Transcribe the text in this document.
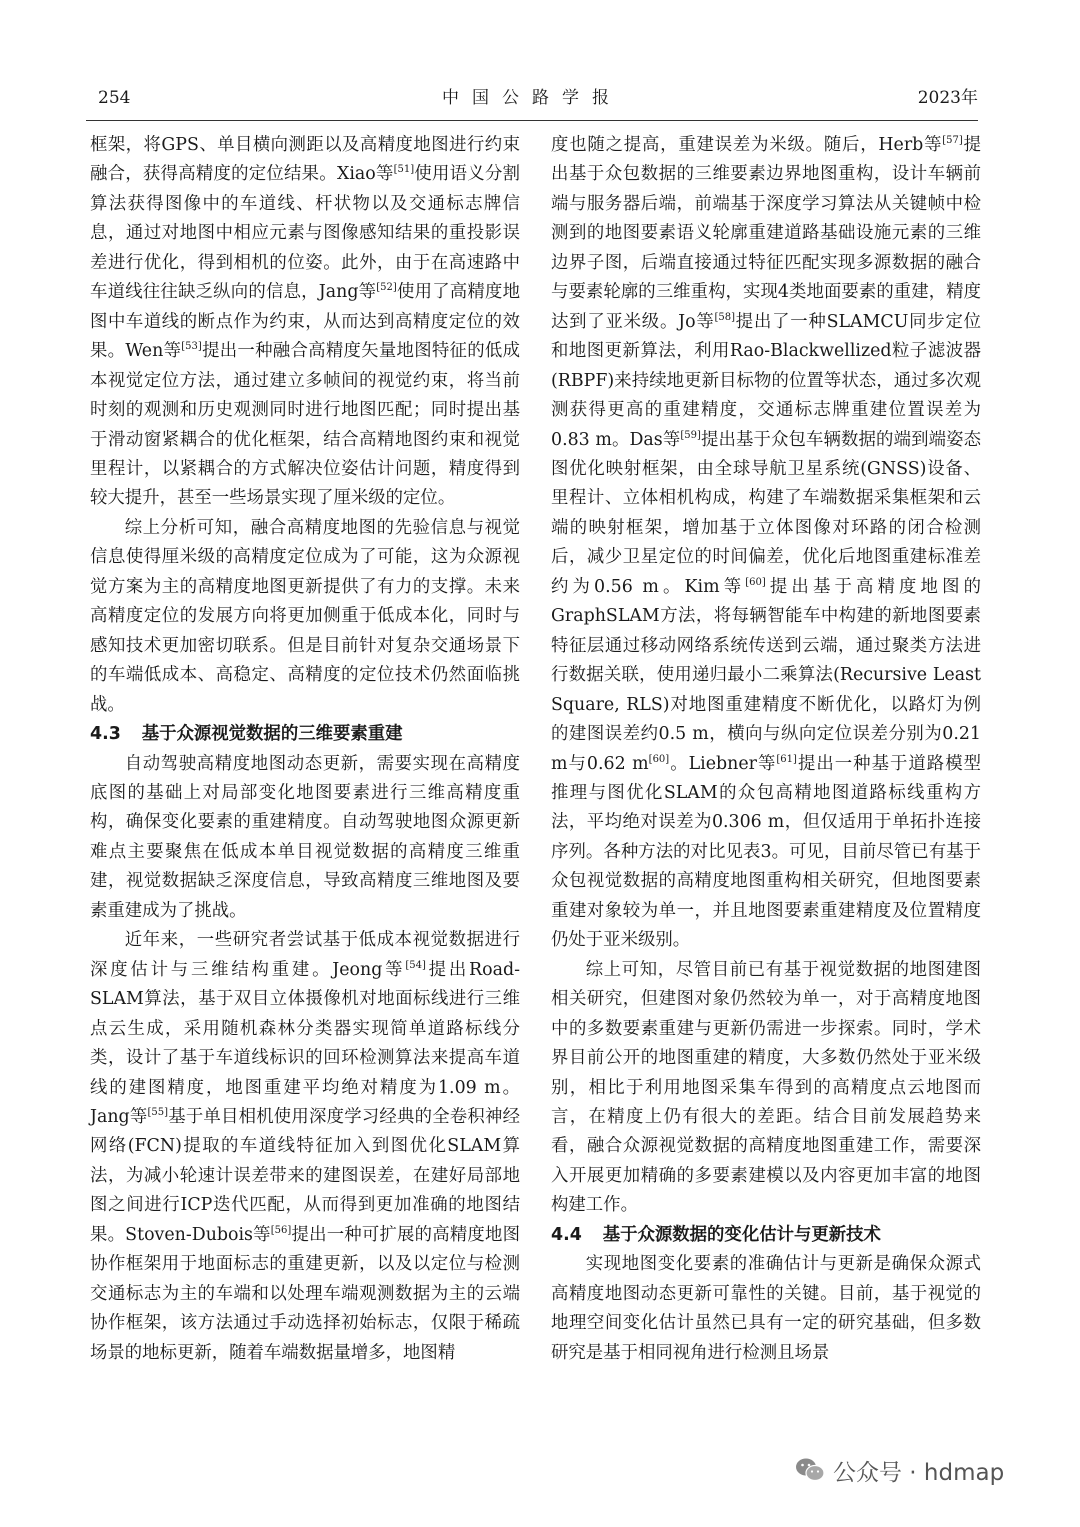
254	中国公路学报	2023年

框架，将GPS、单目横向测距以及高精度地图进行约束融合，获得高精度的定位结果。Xiao等[51]使用语义分割算法获得图像中的车道线、杆状物以及交通标志牌信息，通过对地图中相应元素与图像感知结果的重投影误差进行优化，得到相机的位姿。此外，由于在高速路中车道线往往缺乏纵向的信息，Jang等[52]使用了高精度地图中车道线的断点作为约束，从而达到高精度定位的效果。Wen等[53]提出一种融合高精度矢量地图特征的低成本视觉定位方法，通过建立多帧间的视觉约束，将当前时刻的观测和历史观测同时进行地图匹配；同时提出基于滑动窗紧耦合的优化框架，结合高精地图约束和视觉里程计，以紧耦合的方式解决位姿估计问题，精度得到较大提升，甚至一些场景实现了厘米级的定位。

综上分析可知，融合高精度地图的先验信息与视觉信息使得厘米级的高精度定位成为了可能，这为众源视觉方案为主的高精度地图更新提供了有力的支撑。未来高精度定位的发展方向将更加侧重于低成本化，同时与感知技术更加密切联系。但是目前针对复杂交通场景下的车端低成本、高稳定、高精度的定位技术仍然面临挑战。

4.3 基于众源视觉数据的三维要素重建

自动驾驶高精度地图动态更新，需要实现在高精度底图的基础上对局部变化地图要素进行三维高精度重构，确保变化要素的重建精度。自动驾驶地图众源更新难点主要聚焦在低成本单目视觉数据的高精度三维重建，视觉数据缺乏深度信息，导致高精度三维地图及要素重建成为了挑战。

近年来，一些研究者尝试基于低成本视觉数据进行深度估计与三维结构重建。Jeong等[54]提出Road-SLAM算法，基于双目立体摄像机对地面标线进行三维点云生成，采用随机森林分类器实现简单道路标线分类，设计了基于车道线标识的回环检测算法来提高车道线的建图精度，地图重建平均绝对精度为1.09 m。Jang等[55]基于单目相机使用深度学习经典的全卷积神经网络(FCN)提取的车道线特征加入到图优化SLAM算法，为减小轮速计误差带来的建图误差，在建好局部地图之间进行ICP迭代匹配，从而得到更加准确的地图结果。Stoven-Dubois等[56]提出一种可扩展的高精度地图协作框架用于地面标志的重建更新，以及以定位与检测交通标志为主的车端和以处理车端观测数据为主的云端协作框架，该方法通过手动选择初始标志，仅限于稀疏场景的地标更新，随着车端数据量增多，地图精

度也随之提高，重建误差为米级。随后，Herb等[57]提出基于众包数据的三维要素边界地图重构，设计车辆前端与服务器后端，前端基于深度学习算法从关键帧中检测到的地图要素语义轮廓重建道路基础设施元素的三维边界子图，后端直接通过特征匹配实现多源数据的融合与要素轮廓的三维重构，实现4类地面要素的重建，精度达到了亚米级。Jo等[58]提出了一种SLAMCU同步定位和地图更新算法，利用Rao-Blackwellized粒子滤波器(RBPF)来持续地更新目标物的位置等状态，通过多次观测获得更高的重建精度，交通标志牌重建位置误差为0.83 m。Das等[59]提出基于众包车辆数据的端到端姿态图优化映射框架，由全球导航卫星系统(GNSS)设备、里程计、立体相机构成，构建了车端数据采集框架和云端的映射框架，增加基于立体图像对环路的闭合检测后，减少卫星定位的时间偏差，优化后地图重建标准差约为0.56 m。Kim等[60]提出基于高精度地图的GraphSLAM方法，将每辆智能车中构建的新地图要素特征层通过移动网络系统传送到云端，通过聚类方法进行数据关联，使用递归最小二乘算法(Recursive Least Square, RLS)对地图重建精度不断优化，以路灯为例的建图误差约0.5 m，横向与纵向定位误差分别为0.21 m与0.62 m[60]。Liebner等[61]提出一种基于道路模型推理与图优化SLAM的众包高精地图道路标线重构方法，平均绝对误差为0.306 m，但仅适用于单拓扑连接序列。各种方法的对比见表3。可见，目前尽管已有基于众包视觉数据的高精度地图重构相关研究，但地图要素重建对象较为单一，并且地图要素重建精度及位置精度仍处于亚米级别。

综上可知，尽管目前已有基于视觉数据的地图建图相关研究，但建图对象仍然较为单一，对于高精度地图中的多数要素重建与更新仍需进一步探索。同时，学术界目前公开的地图重建的精度，大多数仍然处于亚米级别，相比于利用地图采集车得到的高精度点云地图而言，在精度上仍有很大的差距。结合目前发展趋势来看，融合众源视觉数据的高精度地图重建工作，需要深入开展更加精确的多要素建模以及内容更加丰富的地图构建工作。

4.4 基于众源数据的变化估计与更新技术

实现地图变化要素的准确估计与更新是确保众源式高精度地图动态更新可靠性的关键。目前，基于视觉的地理空间变化估计虽然已具有一定的研究基础，但多数研究是基于相同视角进行检测且场景

公众号 · hdmap
